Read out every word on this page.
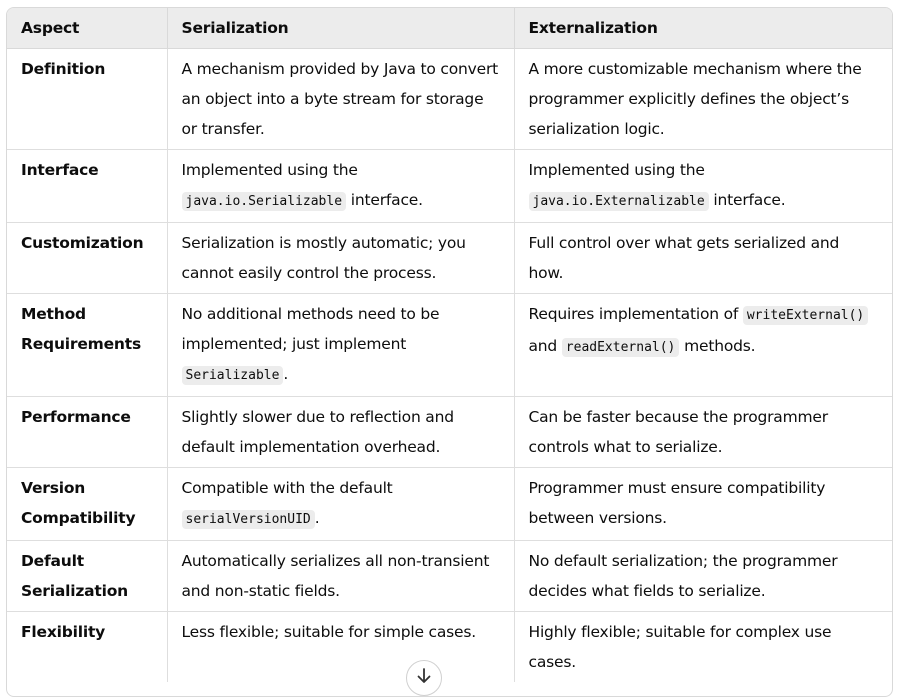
Aspect	Serialization	Externalization
Definition	A mechanism provided by Java to convert an object into a byte stream for storage or transfer.	A more customizable mechanism where the programmer explicitly defines the object’s serialization logic.
Interface	Implemented using the java.io.Serializable interface.	Implemented using the java.io.Externalizable interface.
Customization	Serialization is mostly automatic; you cannot easily control the process.	Full control over what gets serialized and how.
Method Requirements	No additional methods need to be implemented; just implement Serializable .	Requires implementation of writeExternal() and readExternal() methods.
Performance	Slightly slower due to reflection and default implementation overhead.	Can be faster because the programmer controls what to serialize.
Version Compatibility	Compatible with the default serialVersionUID .	Programmer must ensure compatibility between versions.
Default Serialization	Automatically serializes all non-transient and non-static fields.	No default serialization; the programmer decides what fields to serialize.
Flexibility	Less flexible; suitable for simple cases.	Highly flexible; suitable for complex use cases.
